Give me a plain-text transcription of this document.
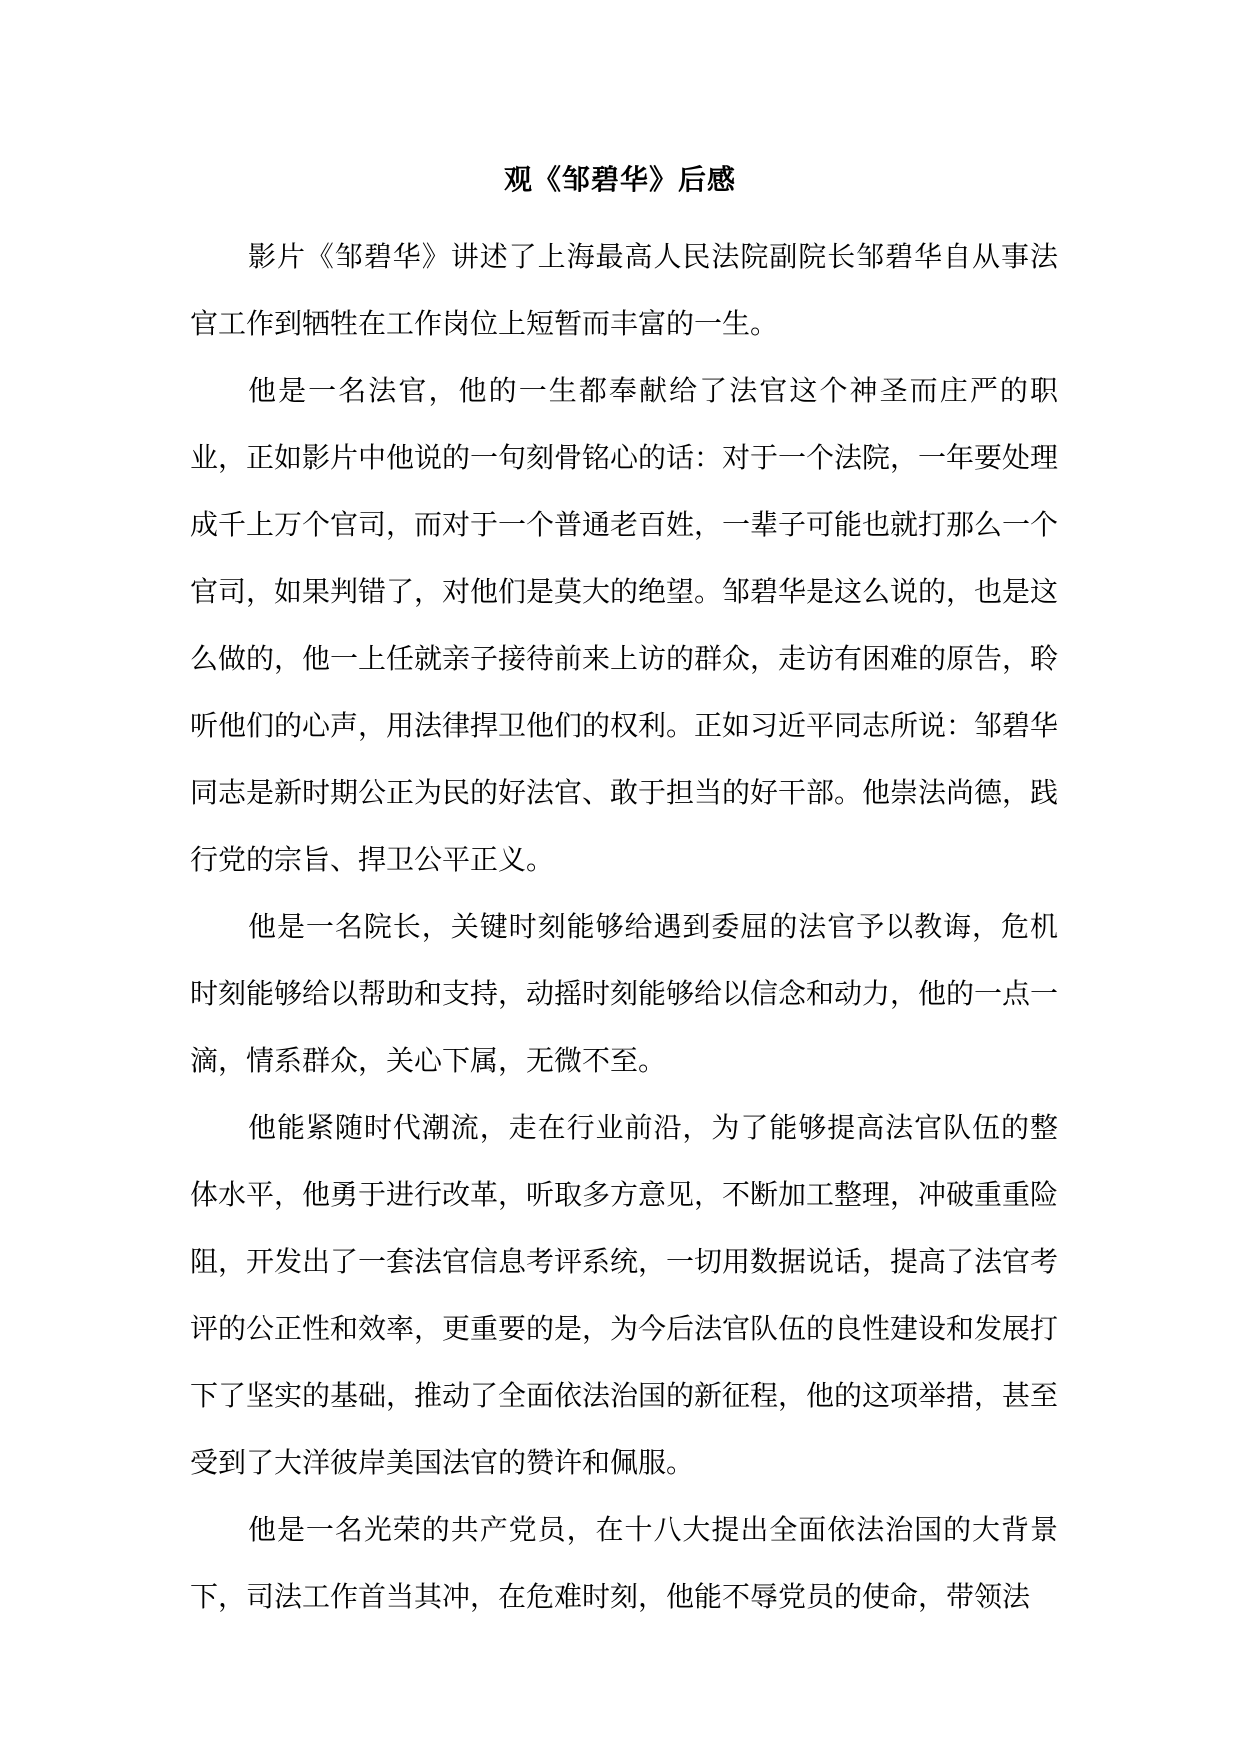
观《邹碧华》后感

影片《邹碧华》讲述了上海最高人民法院副院长邹碧华自从事法官工作到牺牲在工作岗位上短暂而丰富的一生。

他是一名法官，他的一生都奉献给了法官这个神圣而庄严的职业，正如影片中他说的一句刻骨铭心的话：对于一个法院，一年要处理成千上万个官司，而对于一个普通老百姓，一辈子可能也就打那么一个官司，如果判错了，对他们是莫大的绝望。邹碧华是这么说的，也是这么做的，他一上任就亲子接待前来上访的群众，走访有困难的原告，聆听他们的心声，用法律捍卫他们的权利。正如习近平同志所说：邹碧华同志是新时期公正为民的好法官、敢于担当的好干部。他崇法尚德，践行党的宗旨、捍卫公平正义。

他是一名院长，关键时刻能够给遇到委屈的法官予以教诲，危机时刻能够给以帮助和支持，动摇时刻能够给以信念和动力，他的一点一滴，情系群众，关心下属，无微不至。

他能紧随时代潮流，走在行业前沿，为了能够提高法官队伍的整体水平，他勇于进行改革，听取多方意见，不断加工整理，冲破重重险阻，开发出了一套法官信息考评系统，一切用数据说话，提高了法官考评的公正性和效率，更重要的是，为今后法官队伍的良性建设和发展打下了坚实的基础，推动了全面依法治国的新征程，他的这项举措，甚至受到了大洋彼岸美国法官的赞许和佩服。

他是一名光荣的共产党员，在十八大提出全面依法治国的大背景下，司法工作首当其冲，在危难时刻，他能不辱党员的使命，带领法
